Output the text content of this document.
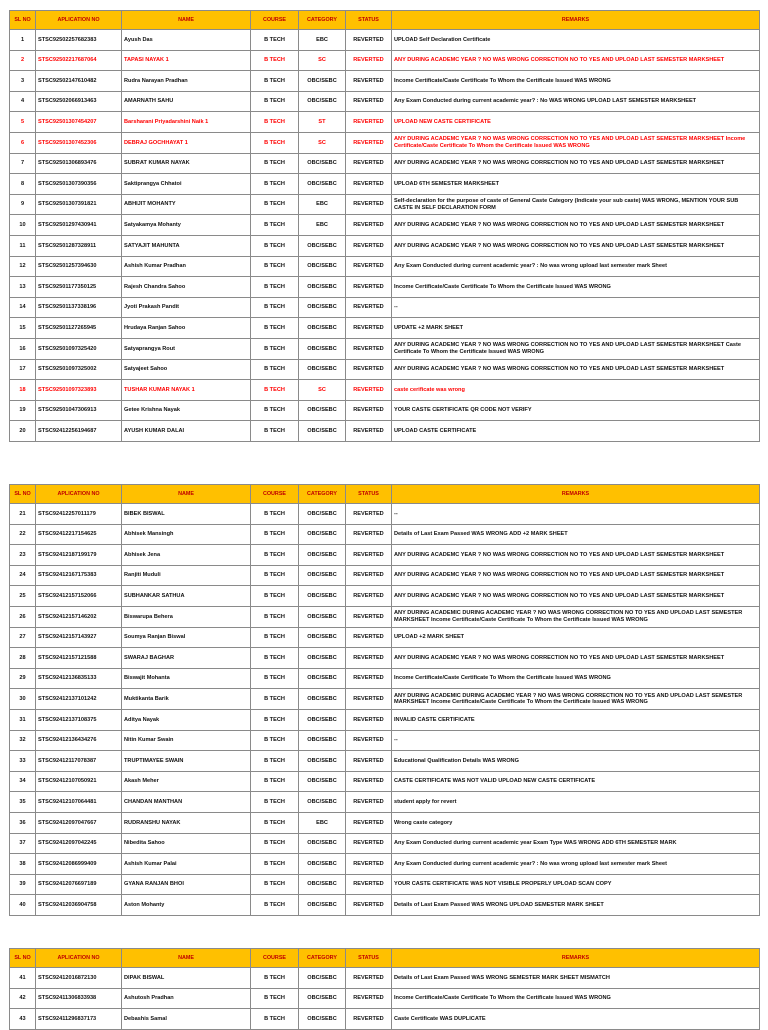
SL NO	APLICATION NO	NAME	COURSE	CATEGORY	STATUS	REMARKS
1	STSC92502257682383	Ayush Das	B TECH	EBC	REVERTED	UPLOAD Self Declaration Certificate
2	STSC92502217687064	TAPASI NAYAK 1	B TECH	SC	REVERTED	ANY DURING ACADEMC YEAR ? NO WAS WRONG CORRECTION NO TO YES AND UPLOAD LAST SEMESTER MARKSHEET
3	STSC92502147610482	Rudra Narayan Pradhan	B TECH	OBC/SEBC	REVERTED	Income Certificate/Caste Certificate To Whom the Certificate Issued WAS WRONG
4	STSC92502066913463	AMARNATH SAHU	B TECH	OBC/SEBC	REVERTED	Any Exam Conducted during current academic year? : No WAS WRONG UPLOAD LAST SEMESTER MARKSHEET
5	STSC92501307454207	Barsharani Priyadarshini Naik 1	B TECH	ST	REVERTED	UPLOAD NEW CASTE CERTIFICATE
6	STSC92501307452306	DEBRAJ GOCHHAYAT 1	B TECH	SC	REVERTED	ANY DURING ACADEMC YEAR ? NO WAS WRONG CORRECTION NO TO YES AND UPLOAD LAST SEMESTER MARKSHEET Income Certificate/Caste Certificate To Whom the Certificate Issued WAS WRONG
7	STSC92501306893476	SUBRAT KUMAR NAYAK	B TECH	OBC/SEBC	REVERTED	ANY DURING ACADEMC YEAR ? NO WAS WRONG CORRECTION NO TO YES AND UPLOAD LAST SEMESTER MARKSHEET
8	STSC92501307390356	Saktiprangya Chhatoi	B TECH	OBC/SEBC	REVERTED	UPLOAD 6TH SEMESTER MARKSHEET
9	STSC92501307391821	ABHIJIT MOHANTY	B TECH	EBC	REVERTED	Self-declaration for the purpose of caste of General Caste Category (Indicate your sub caste) WAS WRONG, MENTION YOUR SUB CASTE IN SELF DECLARATION FORM
10	STSC92501297430941	Satyakamya Mohanty	B TECH	EBC	REVERTED	ANY DURING ACADEMC YEAR ? NO WAS WRONG CORRECTION NO TO YES AND UPLOAD LAST SEMESTER MARKSHEET
11	STSC92501287328911	SATYAJIT MAHUNTA	B TECH	OBC/SEBC	REVERTED	ANY DURING ACADEMC YEAR ? NO WAS WRONG CORRECTION NO TO YES AND UPLOAD LAST SEMESTER MARKSHEET
12	STSC92501257394630	Ashish Kumar Pradhan	B TECH	OBC/SEBC	REVERTED	Any Exam Conducted during current academic year? : No was wrong upload last semester mark Sheet
13	STSC92501177350125	Rajesh Chandra Sahoo	B TECH	OBC/SEBC	REVERTED	Income Certificate/Caste Certificate To Whom the Certificate Issued WAS WRONG
14	STSC92501137338196	Jyoti Prakash Pandit	B TECH	OBC/SEBC	REVERTED	--
15	STSC92501127265945	Hrudaya Ranjan Sahoo	B TECH	OBC/SEBC	REVERTED	UPDATE +2 MARK SHEET
16	STSC92501097325420	Satyaprangya Rout	B TECH	OBC/SEBC	REVERTED	ANY DURING ACADEMC YEAR ? NO WAS WRONG CORRECTION NO TO YES AND UPLOAD LAST SEMESTER MARKSHEET Caste Certificate To Whom the Certificate Issued WAS WRONG
17	STSC92501097325002	Satyajeet Sahoo	B TECH	OBC/SEBC	REVERTED	ANY DURING ACADEMC YEAR ? NO WAS WRONG CORRECTION NO TO YES AND UPLOAD LAST SEMESTER MARKSHEET
18	STSC92501097323893	TUSHAR KUMAR NAYAK 1	B TECH	SC	REVERTED	caste cerificate was wrong
19	STSC92501047306913	Getee Krishna Nayak	B TECH	OBC/SEBC	REVERTED	YOUR CASTE CERTIFICATE QR CODE NOT VERIFY
20	STSC92412256194687	AYUSH KUMAR DALAI	B TECH	OBC/SEBC	REVERTED	UPLOAD CASTE CERTIFICATE
SL NO	APLICATION NO	NAME	COURSE	CATEGORY	STATUS	REMARKS
21	STSC92412257011179	BIBEK BISWAL	B TECH	OBC/SEBC	REVERTED	--
22	STSC92412217154625	Abhisek Mansingh	B TECH	OBC/SEBC	REVERTED	Details of Last Exam Passed WAS WRONG ADD +2 MARK SHEET
23	STSC92412187199179	Abhisek Jena	B TECH	OBC/SEBC	REVERTED	ANY DURING ACADEMC YEAR ? NO WAS WRONG CORRECTION NO TO YES AND UPLOAD LAST SEMESTER MARKSHEET
24	STSC92412167175383	Ranjiti Muduli	B TECH	OBC/SEBC	REVERTED	ANY DURING ACADEMC YEAR ? NO WAS WRONG CORRECTION NO TO YES AND UPLOAD LAST SEMESTER MARKSHEET
25	STSC92412157152066	SUBHANKAR SATHUA	B TECH	OBC/SEBC	REVERTED	ANY DURING ACADEMC YEAR ? NO WAS WRONG CORRECTION NO TO YES AND UPLOAD LAST SEMESTER MARKSHEET
26	STSC92412157146202	Biswarupa Behera	B TECH	OBC/SEBC	REVERTED	ANY DURING ACADEMIC DURING ACADEMC YEAR ? NO WAS WRONG CORRECTION NO TO YES AND UPLOAD LAST SEMESTER MARKSHEET Income Certificate/Caste Certificate To Whom the Certificate Issued WAS WRONG
27	STSC92412157143927	Soumya Ranjan Biswal	B TECH	OBC/SEBC	REVERTED	UPLOAD +2 MARK SHEET
28	STSC92412157121588	SWARAJ BAGHAR	B TECH	OBC/SEBC	REVERTED	ANY DURING ACADEMC YEAR ? NO WAS WRONG CORRECTION NO TO YES AND UPLOAD LAST SEMESTER MARKSHEET
29	STSC92412136835133	Biswajit Mohanta	B TECH	OBC/SEBC	REVERTED	Income Certificate/Caste Certificate To Whom the Certificate Issued WAS WRONG
30	STSC92412137101242	Muktikanta Barik	B TECH	OBC/SEBC	REVERTED	ANY DURING ACADEMIC DURING ACADEMC YEAR ? NO WAS WRONG CORRECTION NO TO YES AND UPLOAD LAST SEMESTER MARKSHEET Income Certificate/Caste Certificate To Whom the Certificate Issued WAS WRONG
31	STSC92412137108375	Aditya Nayak	B TECH	OBC/SEBC	REVERTED	INVALID CASTE CERTIFICATE
32	STSC92412136434276	Nitin Kumar Swain	B TECH	OBC/SEBC	REVERTED	--
33	STSC92412117078387	TRUPTIMAYEE SWAIN	B TECH	OBC/SEBC	REVERTED	Educational Qualification Details WAS WRONG
34	STSC92412107050921	Akash Meher	B TECH	OBC/SEBC	REVERTED	CASTE CERTIFICATE WAS NOT VALID UPLOAD NEW CASTE CERTIFICATE
35	STSC92412107064481	CHANDAN MANTHAN	B TECH	OBC/SEBC	REVERTED	student apply for revert
36	STSC92412097047667	RUDRANSHU NAYAK	B TECH	EBC	REVERTED	Wrong caste category
37	STSC92412097042245	Nibedita Sahoo	B TECH	OBC/SEBC	REVERTED	Any Exam Conducted during current academic year Exam Type WAS WRONG ADD 6TH SEMESTER MARK
38	STSC92412086999409	Ashish Kumar Palai	B TECH	OBC/SEBC	REVERTED	Any Exam Conducted during current academic year? : No was wrong upload last semester mark Sheet
39	STSC92412076697189	GYANA RANJAN BHOI	B TECH	OBC/SEBC	REVERTED	YOUR CASTE CERTIFICATE WAS NOT VISIBLE PROPERLY UPLOAD SCAN COPY
40	STSC92412036904758	Aston Mohanty	B TECH	OBC/SEBC	REVERTED	Details of Last Exam Passed WAS WRONG UPLOAD SEMESTER MARK SHEET
SL NO	APLICATION NO	NAME	COURSE	CATEGORY	STATUS	REMARKS
41	STSC92412016872130	DIPAK BISWAL	B TECH	OBC/SEBC	REVERTED	Details of Last Exam Passed WAS WRONG SEMESTER MARK SHEET MISMATCH
42	STSC92411306833938	Ashutosh Pradhan	B TECH	OBC/SEBC	REVERTED	Income Certificate/Caste Certificate To Whom the Certificate Issued WAS WRONG
43	STSC92411296837173	Debashis Samal	B TECH	OBC/SEBC	REVERTED	Caste Certificate WAS DUPLICATE
